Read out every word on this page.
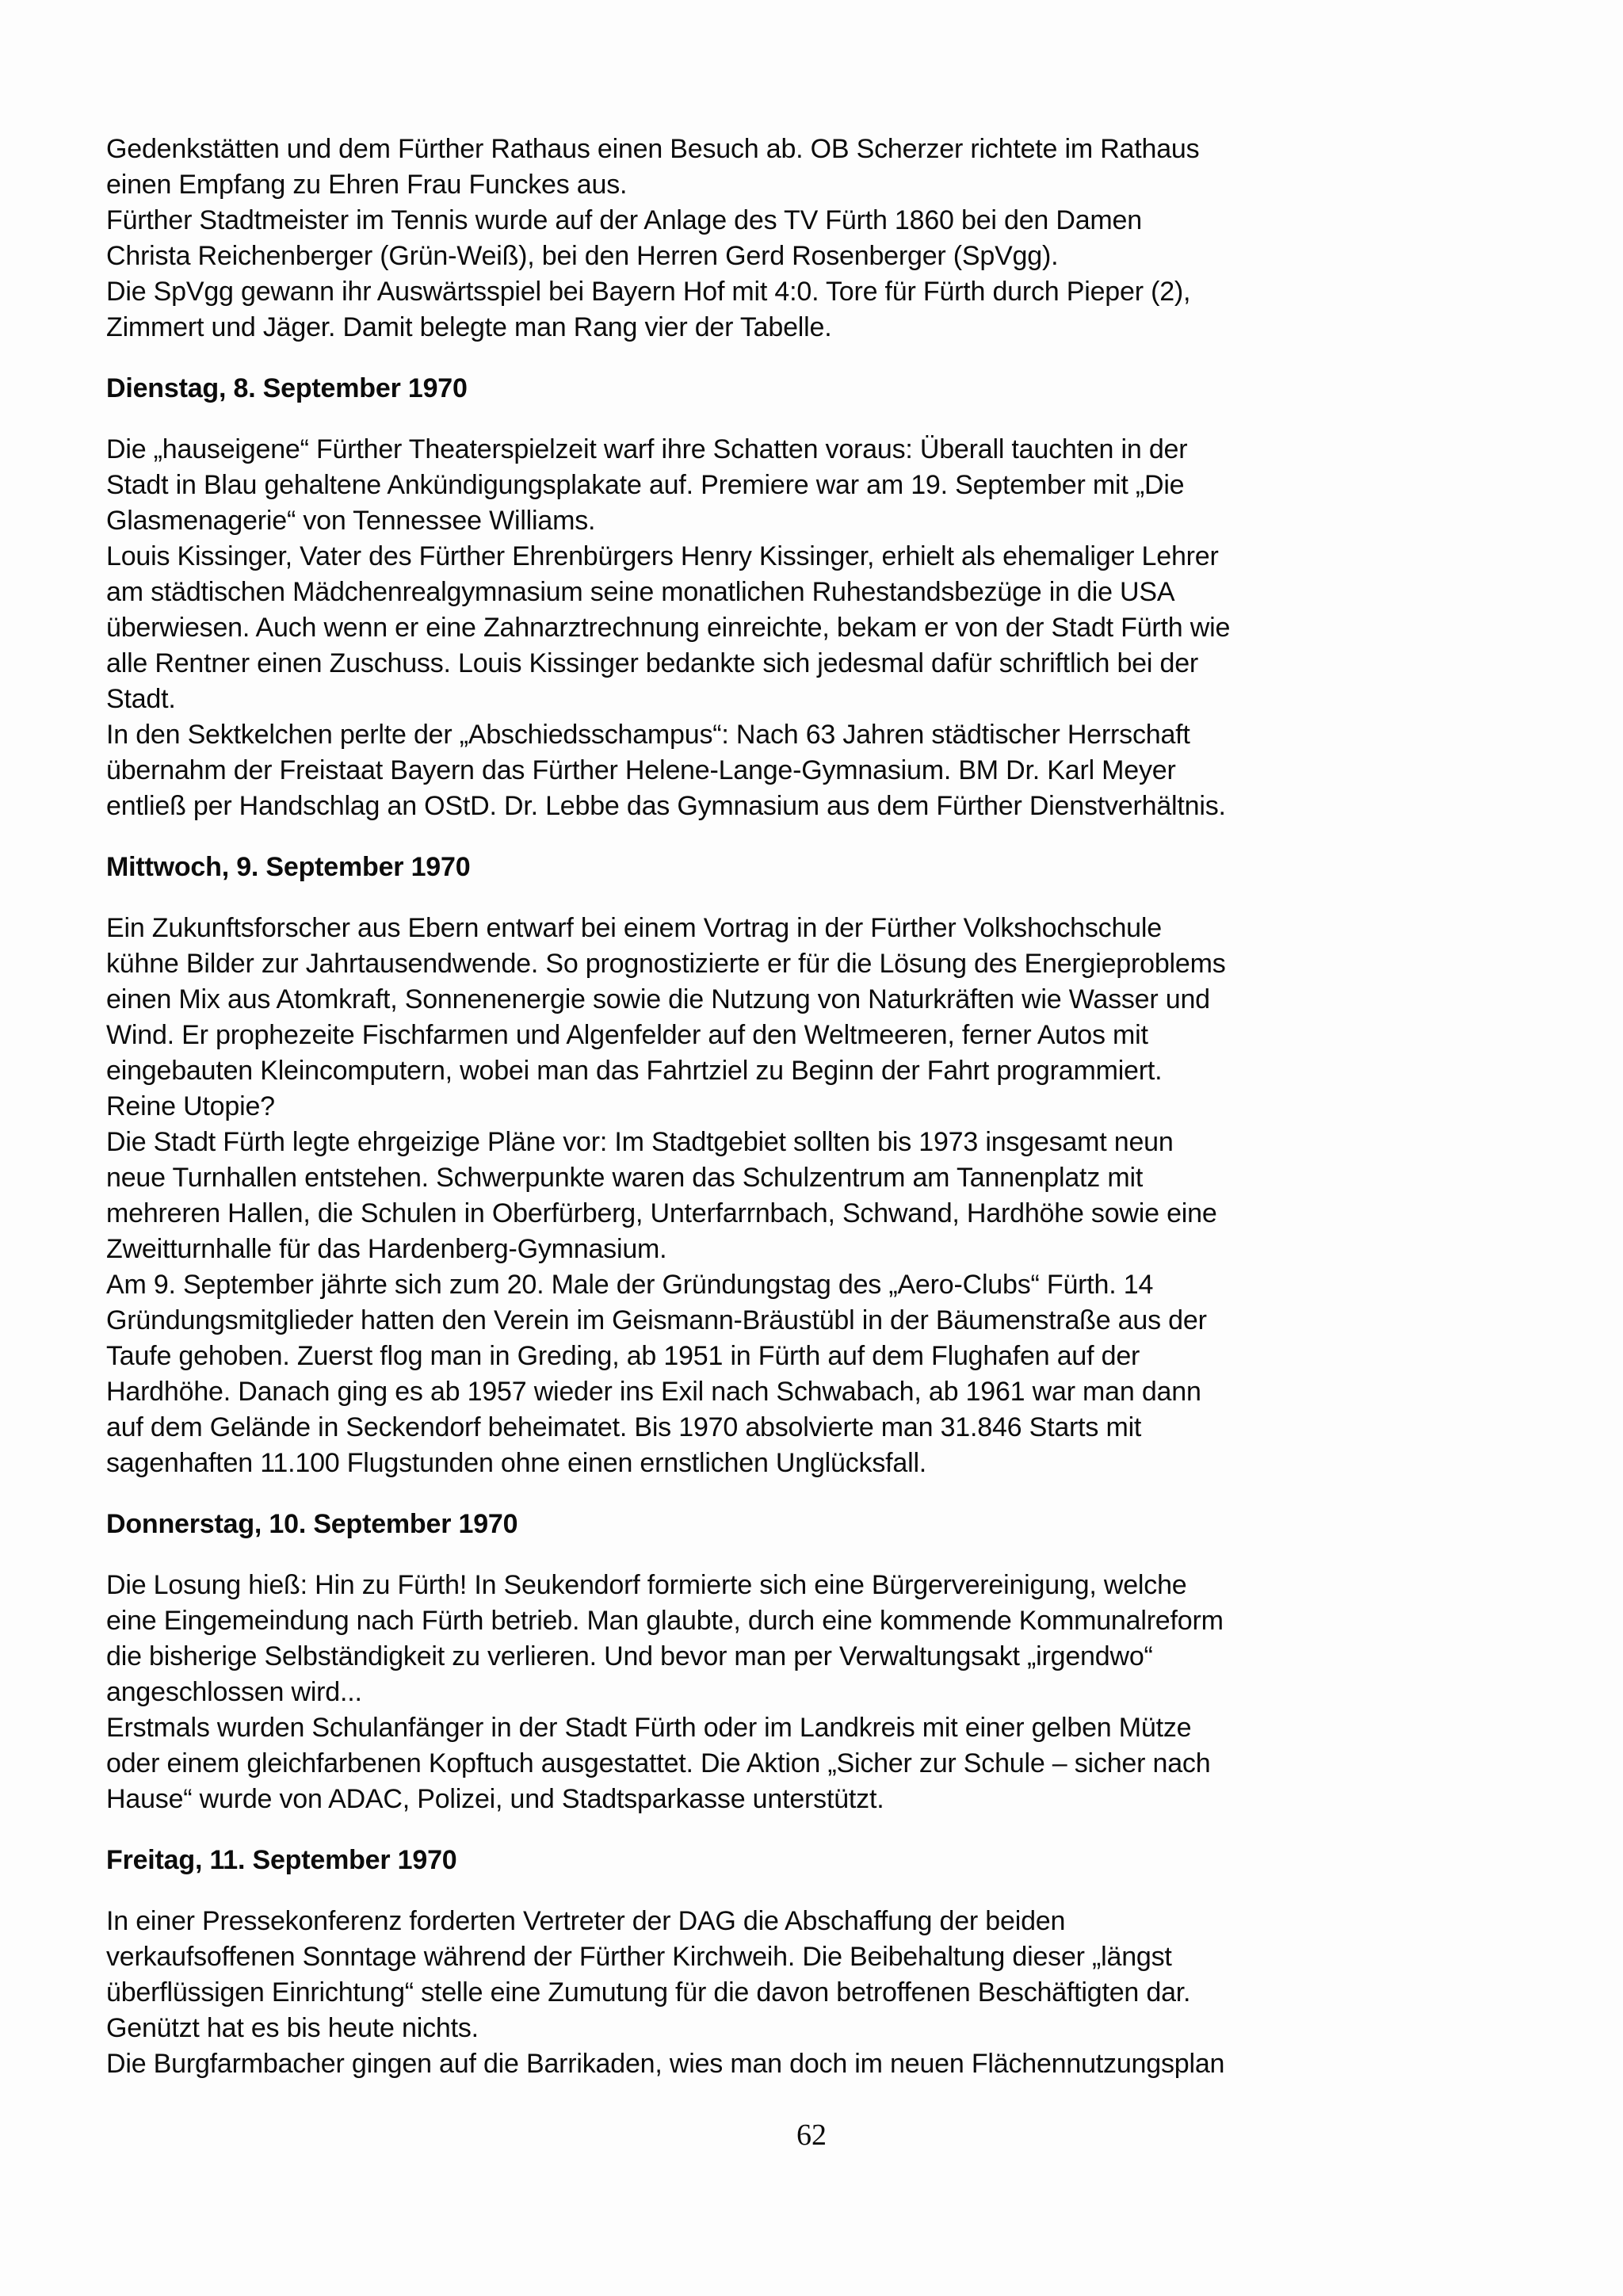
Gedenkstätten und dem Fürther Rathaus einen Besuch ab. OB Scherzer richtete im Rathaus
einen Empfang zu Ehren Frau Funckes aus.
Fürther Stadtmeister im Tennis wurde auf der Anlage des TV Fürth 1860 bei den Damen
Christa Reichenberger (Grün-Weiß), bei den Herren Gerd Rosenberger (SpVgg).
Die SpVgg gewann ihr Auswärtsspiel bei Bayern Hof mit 4:0. Tore für Fürth durch Pieper (2),
Zimmert und Jäger. Damit belegte man Rang vier der Tabelle.
Dienstag, 8. September 1970
Die „hauseigene“ Fürther Theaterspielzeit warf ihre Schatten voraus: Überall tauchten in der
Stadt in Blau gehaltene Ankündigungsplakate auf. Premiere war am 19. September mit „Die
Glasmenagerie“ von Tennessee Williams.
Louis Kissinger, Vater des Fürther Ehrenbürgers Henry Kissinger, erhielt als ehemaliger Lehrer
am städtischen Mädchenrealgymnasium seine monatlichen Ruhestandsbezüge in die USA
überwiesen. Auch wenn er eine Zahnarztrechnung einreichte, bekam er von der Stadt Fürth wie
alle Rentner einen Zuschuss. Louis Kissinger bedankte sich jedesmal dafür schriftlich bei der
Stadt.
In den Sektkelchen perlte der „Abschiedsschampus“: Nach 63 Jahren städtischer Herrschaft
übernahm der Freistaat Bayern das Fürther Helene-Lange-Gymnasium. BM Dr. Karl Meyer
entließ per Handschlag an OStD. Dr. Lebbe das Gymnasium aus dem Fürther Dienstverhältnis.
Mittwoch, 9. September 1970
Ein Zukunftsforscher aus Ebern entwarf bei einem Vortrag in der Fürther Volkshochschule
kühne Bilder zur Jahrtausendwende. So prognostizierte er für die Lösung des Energieproblems
einen Mix aus Atomkraft, Sonnenenergie sowie die Nutzung von Naturkräften wie Wasser und
Wind. Er prophezeite Fischfarmen und Algenfelder auf den Weltmeeren, ferner Autos mit
eingebauten Kleincomputern, wobei man das Fahrtziel zu Beginn der Fahrt programmiert.
Reine Utopie?
Die Stadt Fürth legte ehrgeizige Pläne vor: Im Stadtgebiet sollten bis 1973 insgesamt neun
neue Turnhallen entstehen. Schwerpunkte waren das Schulzentrum am Tannenplatz mit
mehreren Hallen, die Schulen in Oberfürberg, Unterfarrnbach, Schwand, Hardhöhe sowie eine
Zweitturnhalle für das Hardenberg-Gymnasium.
Am 9. September jährte sich zum 20. Male der Gründungstag des „Aero-Clubs“ Fürth. 14
Gründungsmitglieder hatten den Verein im Geismann-Bräustübl in der Bäumenstraße aus der
Taufe gehoben. Zuerst flog man in Greding, ab 1951 in Fürth auf dem Flughafen auf der
Hardhöhe. Danach ging es ab 1957 wieder ins Exil nach Schwabach, ab 1961 war man dann
auf dem Gelände in Seckendorf beheimatet. Bis 1970 absolvierte man 31.846 Starts mit
sagenhaften 11.100 Flugstunden ohne einen ernstlichen Unglücksfall.
Donnerstag, 10. September 1970
Die Losung hieß: Hin zu Fürth! In Seukendorf formierte sich eine Bürgervereinigung, welche
eine Eingemeindung nach Fürth betrieb. Man glaubte, durch eine kommende Kommunalreform
die bisherige Selbständigkeit zu verlieren. Und bevor man per Verwaltungsakt „irgendwo“
angeschlossen wird...
Erstmals wurden Schulanfänger in der Stadt Fürth oder im Landkreis mit einer gelben Mütze
oder einem gleichfarbenen Kopftuch ausgestattet. Die Aktion „Sicher zur Schule – sicher nach
Hause“ wurde von ADAC, Polizei, und Stadtsparkasse unterstützt.
Freitag, 11. September 1970
In einer Pressekonferenz forderten Vertreter der DAG die Abschaffung der beiden
verkaufsoffenen Sonntage während der Fürther Kirchweih. Die Beibehaltung dieser „längst
überflüssigen Einrichtung“ stelle eine Zumutung für die davon betroffenen Beschäftigten dar.
Genützt hat es bis heute nichts.
Die Burgfarmbacher gingen auf die Barrikaden, wies man doch im neuen Flächennutzungsplan
62
